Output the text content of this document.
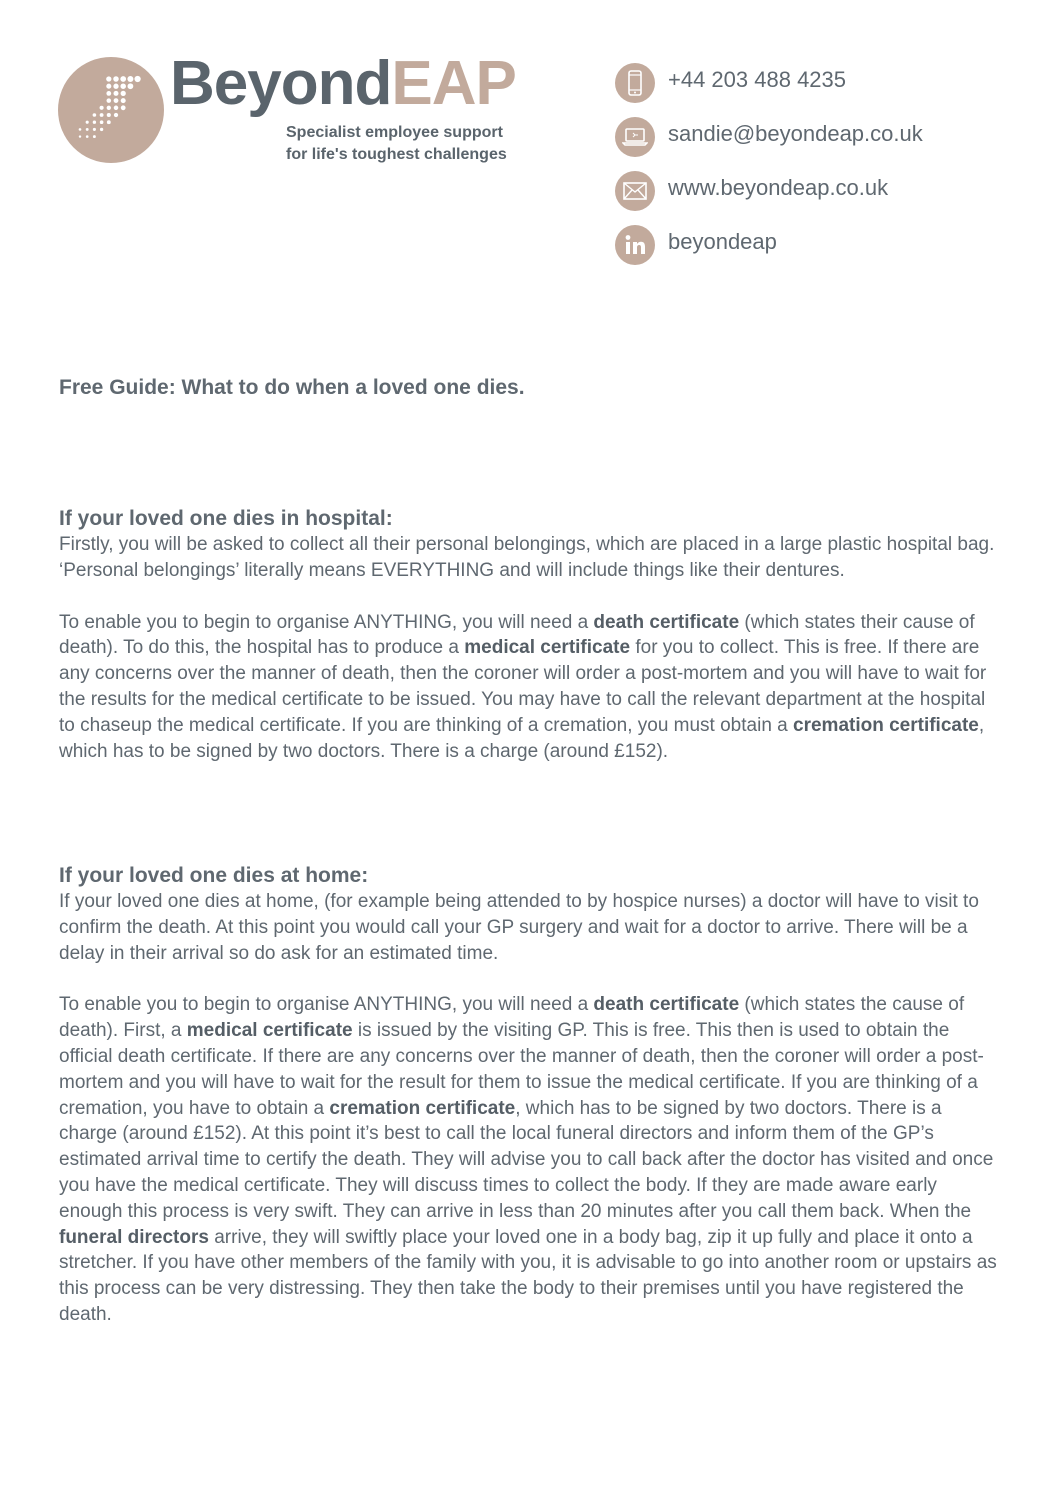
BeyondEAP
Specialist employee support
for life's toughest challenges
+44 203 488 4235
sandie@beyondeap.co.uk
www.beyondeap.co.uk
beyondeap
Free Guide: What to do when a loved one dies.
If your loved one dies in hospital:

Firstly, you will be asked to collect all their personal belongings, which are placed in a large plastic hospital bag. ‘Personal belongings’ literally means EVERYTHING and will include things like their dentures.

To enable you to begin to organise ANYTHING, you will need a death certificate (which states their cause of death). To do this, the hospital has to produce a medical certificate for you to collect. This is free. If there are any concerns over the manner of death, then the coroner will order a post-mortem and you will have to wait for the results for the medical certificate to be issued. You may have to call the relevant department at the hospital to chaseup the medical certificate. If you are thinking of a cremation, you must obtain a cremation certificate, which has to be signed by two doctors. There is a charge (around £152).

If your loved one dies at home:

If your loved one dies at home, (for example being attended to by hospice nurses) a doctor will have to visit to confirm the death. At this point you would call your GP surgery and wait for a doctor to arrive. There will be a delay in their arrival so do ask for an estimated time.

To enable you to begin to organise ANYTHING, you will need a death certificate (which states the cause of death). First, a medical certificate is issued by the visiting GP. This is free. This then is used to obtain the official death certificate. If there are any concerns over the manner of death, then the coroner will order a post-mortem and you will have to wait for the result for them to issue the medical certificate. If you are thinking of a cremation, you have to obtain a cremation certificate, which has to be signed by two doctors. There is a charge (around £152). At this point it’s best to call the local funeral directors and inform them of the GP’s estimated arrival time to certify the death. They will advise you to call back after the doctor has visited and once you have the medical certificate. They will discuss times to collect the body. If they are made aware early enough this process is very swift. They can arrive in less than 20 minutes after you call them back. When the funeral directors arrive, they will swiftly place your loved one in a body bag, zip it up fully and place it onto a stretcher. If you have other members of the family with you, it is advisable to go into another room or upstairs as this process can be very distressing. They then take the body to their premises until you have registered the death.
